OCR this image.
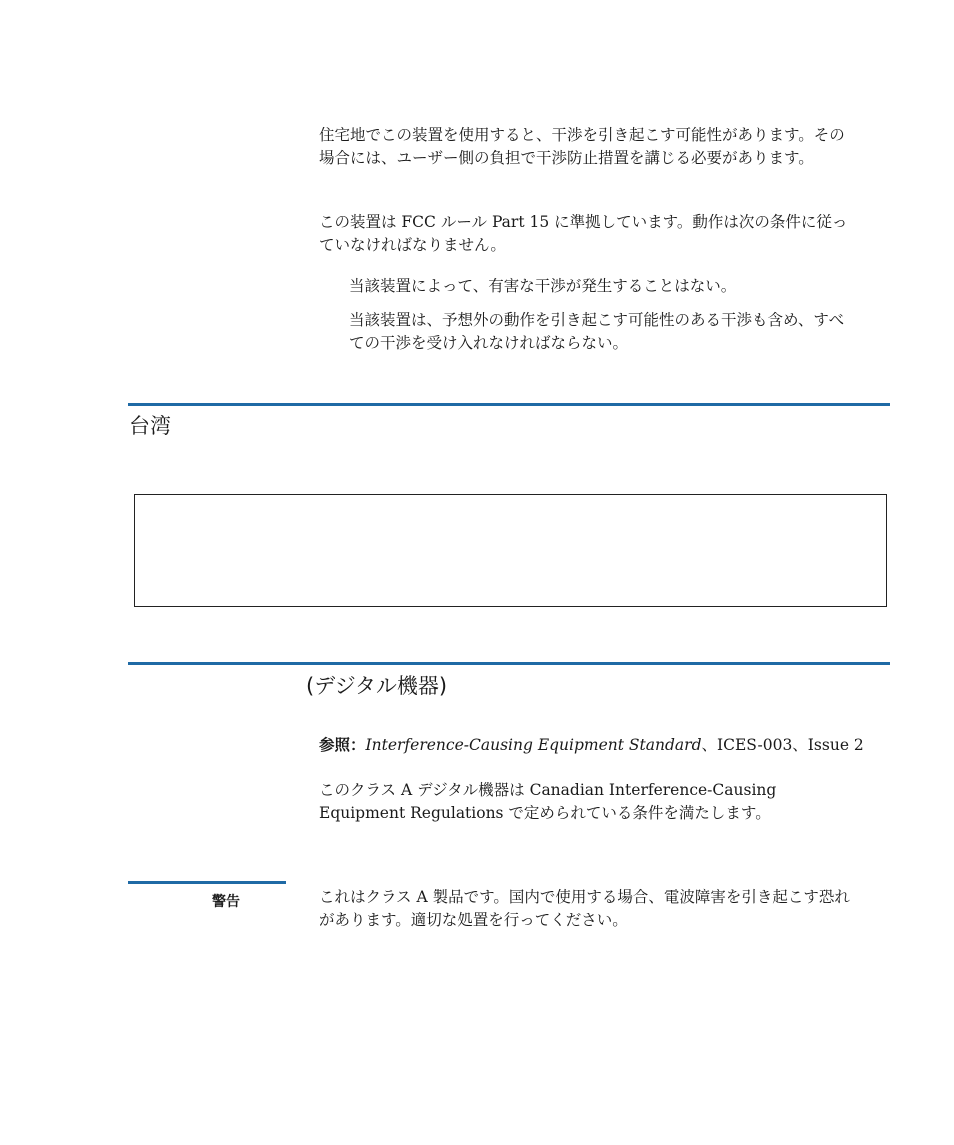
住宅地でこの装置を使用すると、干渉を引き起こす可能性があります。その場合には、ユーザー側の負担で干渉防止措置を講じる必要があります。

この装置は FCC ルール Part 15 に準拠しています。動作は次の条件に従っていなければなりません。

当該装置によって、有害な干渉が発生することはない。

当該装置は、予想外の動作を引き起こす可能性のある干渉も含め、すべての干渉を受け入れなければならない。

台湾
(デジタル機器)

参照：Interference-Causing Equipment Standard、ICES-003、Issue 2

このクラス A デジタル機器は Canadian Interference-Causing Equipment Regulations で定められている条件を満たします。

警告	これはクラス A 製品です。国内で使用する場合、電波障害を引き起こす恐れがあります。適切な処置を行ってください。
